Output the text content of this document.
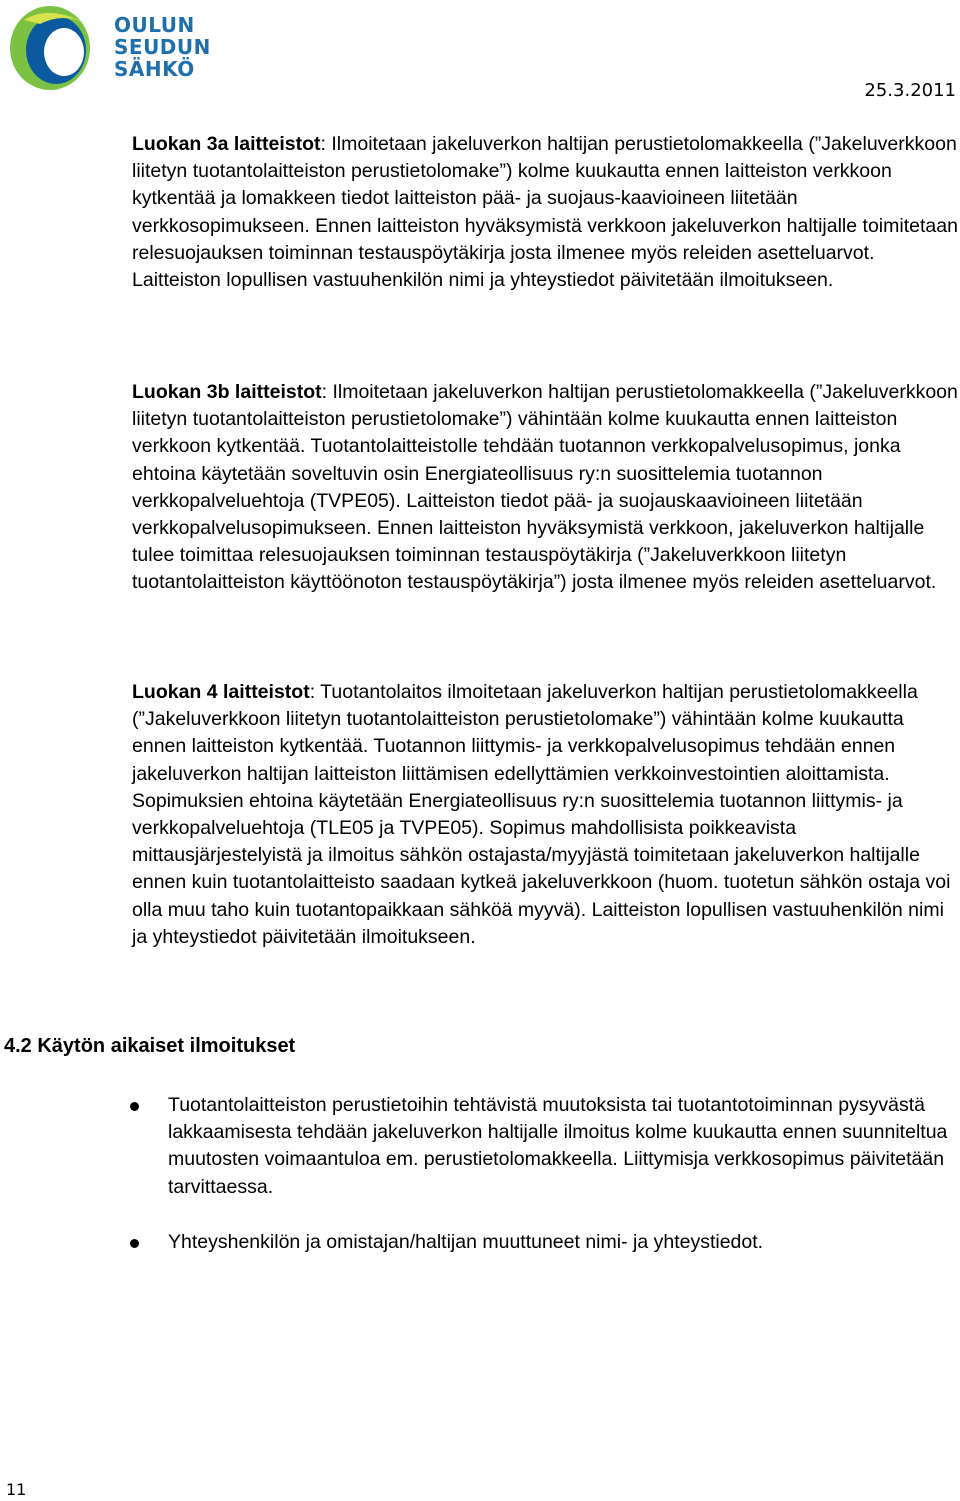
OULUN
SEUDUN
SÄHKÖ
25.3.2011

Luokan 3a laitteistot: Ilmoitetaan jakeluverkon haltijan perustietolomakkeella (”Jakeluverkkoon liitetyn tuotantolaitteiston perustietolomake”) kolme kuukautta ennen laitteiston verkkoon kytkentää ja lomakkeen tiedot laitteiston pää- ja suojaus-kaavioineen liitetään verkkosopimukseen. Ennen laitteiston hyväksymistä verkkoon jakeluverkon haltijalle toimitetaan relesuojauksen toiminnan testauspöytäkirja josta ilmenee myös releiden asetteluarvot. Laitteiston lopullisen vastuuhenkilön nimi ja yhteystiedot päivitetään ilmoitukseen.

Luokan 3b laitteistot: Ilmoitetaan jakeluverkon haltijan perustietolomakkeella (”Jakeluverkkoon liitetyn tuotantolaitteiston perustietolomake”) vähintään kolme kuukautta ennen laitteiston verkkoon kytkentää. Tuotantolaitteistolle tehdään tuotannon verkkopalvelusopimus, jonka ehtoina käytetään soveltuvin osin Energiateollisuus ry:n suosittelemia tuotannon verkkopalveluehtoja (TVPE05). Laitteiston tiedot pää- ja suojauskaavioineen liitetään verkkopalvelusopimukseen. Ennen laitteiston hyväksymistä verkkoon, jakeluverkon haltijalle tulee toimittaa relesuojauksen toiminnan testauspöytäkirja (”Jakeluverkkoon liitetyn tuotantolaitteiston käyttöönoton testauspöytäkirja”) josta ilmenee myös releiden asetteluarvot.

Luokan 4 laitteistot: Tuotantolaitos ilmoitetaan jakeluverkon haltijan perustietolomakkeella (”Jakeluverkkoon liitetyn tuotantolaitteiston perustietolomake”) vähintään kolme kuukautta ennen laitteiston kytkentää. Tuotannon liittymis- ja verkkopalvelusopimus tehdään ennen jakeluverkon haltijan laitteiston liittämisen edellyttämien verkkoinvestointien aloittamista. Sopimuksien ehtoina käytetään Energiateollisuus ry:n suosittelemia tuotannon liittymis- ja verkkopalveluehtoja (TLE05 ja TVPE05). Sopimus mahdollisista poikkeavista mittausjärjestelyistä ja ilmoitus sähkön ostajasta/myyjästä toimitetaan jakeluverkon haltijalle ennen kuin tuotantolaitteisto saadaan kytkeä jakeluverkkoon (huom. tuotetun sähkön ostaja voi olla muu taho kuin tuotantopaikkaan sähköä myyvä). Laitteiston lopullisen vastuuhenkilön nimi ja yhteystiedot päivitetään ilmoitukseen.

4.2 Käytön aikaiset ilmoitukset
Tuotantolaitteiston perustietoihin tehtävistä muutoksista tai tuotantotoiminnan pysyvästä lakkaamisesta tehdään jakeluverkon haltijalle ilmoitus kolme kuukautta ennen suunniteltua muutosten voimaantuloa em. perustietolomakkeella. Liittymisja verkkosopimus päivitetään tarvittaessa.
Yhteyshenkilön ja omistajan/haltijan muuttuneet nimi- ja yhteystiedot.
11
